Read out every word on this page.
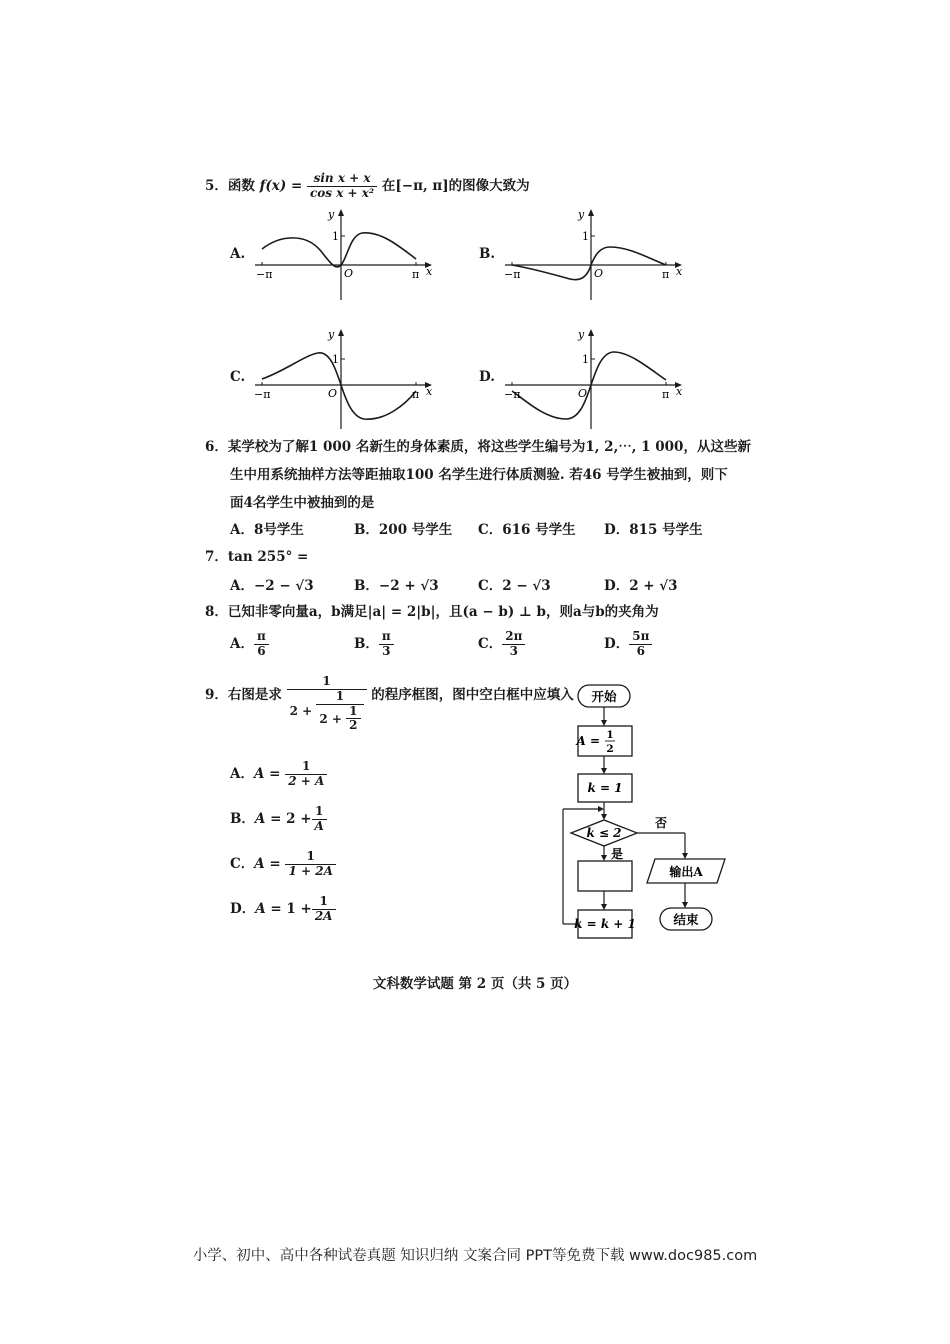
5．函数 $f(x) = \frac{\text{sin x + x}}{\text{cos x + x²}}$ 在[−π, π]的图像大致为
A.
−π	π x
y
O
1
B.
−π	π x
y
O
1
C.
−π	π x
y
O
1
D.
−π	π x
y
O
1
6．某学校为了解1 000 名新生的身体素质，将这些学生编号为1, 2,⋯, 1 000，从这些新
生中用系统抽样方法等距抽取100 名学生进行体质测验. 若46 号学生被抽到，则下
面4名学生中被抽到的是
A．8号学生	B．200 号学生 C．616 号学生 D．815 号学生
7．tan 255° =
A．−2 − √3	B．−2 + √3	C．2 − √3	D．2 + √3
8．已知非零向量a，b满足|a| = 2|b|，且(a − b) ⊥ b，则a与b的夹角为
A． $\frac{\pi}{6}$	B． $\frac{\pi}{3}$	C． $\frac{2\pi}{3}$	D． $\frac{5\pi}{6}$
9．右图是求 $\frac{1}{2 + \frac{1}{2 + \frac{1}{2}}}$ 的程序框图，图中空白框中应填入
A．$A = \frac{1}{2 + A}$
B．$A = 2 + \frac{1}{A}$
C．$A = \frac{1}{1 + 2A}$
D．$A = 1 + \frac{1}{2A}$
开始
A = 1
2
k = 1
k ≤ 2
否
输出A
结束
是
k = k + 1
文科数学试题 第 2 页（共 5 页）
小学、初中、高中各种试卷真题 知识归纳 文案合同 PPT等免费下载 www.doc985.com
